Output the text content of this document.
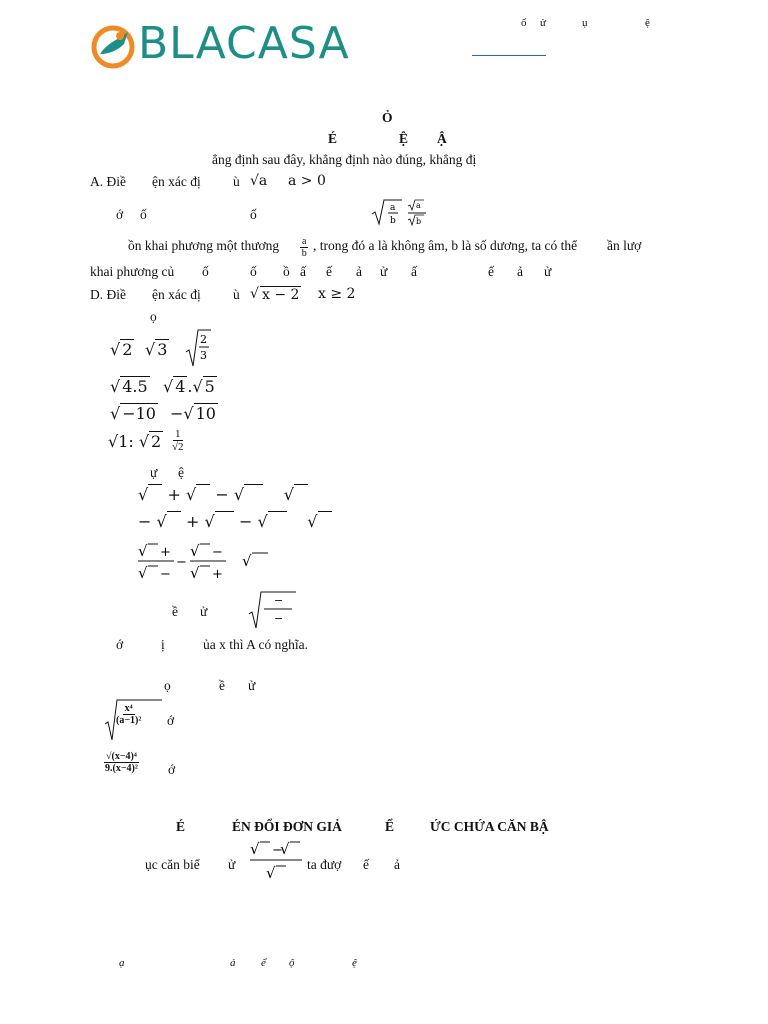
BLACASA	ổ ử	ụ	ệ
Ỏ
É	Ệ Ậ
ẳng định sau đây, khẳng định nào đúng, khẳng đị
A. Điề ện xác đị ù √a a > 0
ớ ố	ố	a
b
a
b
ồn khai phương một thương $\frac{a}{b}$ , trong đó a là không âm, b là số dương, ta có thể ần lượ
khai phương củ ố	ố ồ ấ ế ả ử ấ	ế ả ử
D. Điề ện xác đị ù √ x − 2 x ≥ 2
ọ
√ 2 √ 3
2
3
√ 4.5 √ 4 .√ 5
√ −10 −√ 10
√1: √ $2 \frac{1}{√2}$
ự ệ
√   + √   − √       √
− √   + √    − √       √
√ +
√ −
−
√ −
√ +
√
ề ử
−
−
ớ	ị	ủa x thì A có nghĩa.
ọ	ề ử
$\frac{\text{x⁴}}{\text{(a−1)²}}$ ớ
$\frac{\text{√(x−4)⁴}}{\text{9.(x−4)²}}$ ớ
É	ÉN ĐỔI ĐƠN GIẢ	Ể	ỨC CHỨA CĂN BẬ
ục căn biể ử
√ −
√
√ ta đượ ế ả
ạ	ả ể ộ	ệ
